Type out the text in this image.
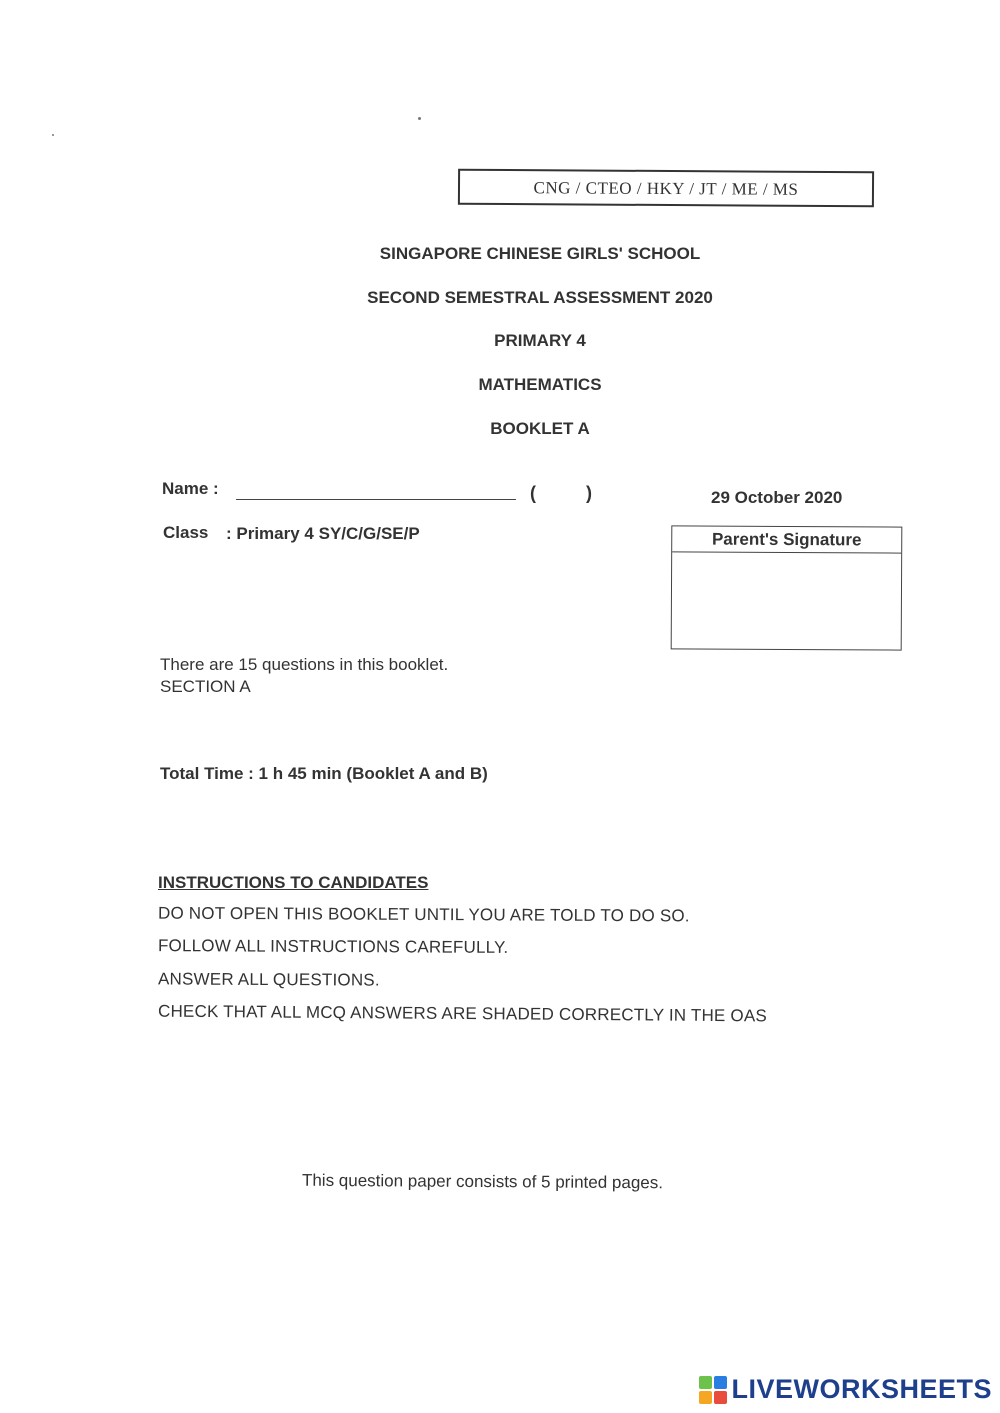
CNG / CTEO / HKY / JT / ME / MS
SINGAPORE CHINESE GIRLS' SCHOOL
SECOND SEMESTRAL ASSESSMENT 2020
PRIMARY 4
MATHEMATICS
BOOKLET A
Name :	(	)	29 October 2020
Class : Primary 4 SY/C/G/SE/P	Parent's Signature
There are 15 questions in this booklet.
SECTION A
Total Time : 1 h 45 min (Booklet A and B)
INSTRUCTIONS TO CANDIDATES
DO NOT OPEN THIS BOOKLET UNTIL YOU ARE TOLD TO DO SO.
FOLLOW ALL INSTRUCTIONS CAREFULLY.
ANSWER ALL QUESTIONS.
CHECK THAT ALL MCQ ANSWERS ARE SHADED CORRECTLY IN THE OAS
This question paper consists of 5 printed pages.
LIVEWORKSHEETS
